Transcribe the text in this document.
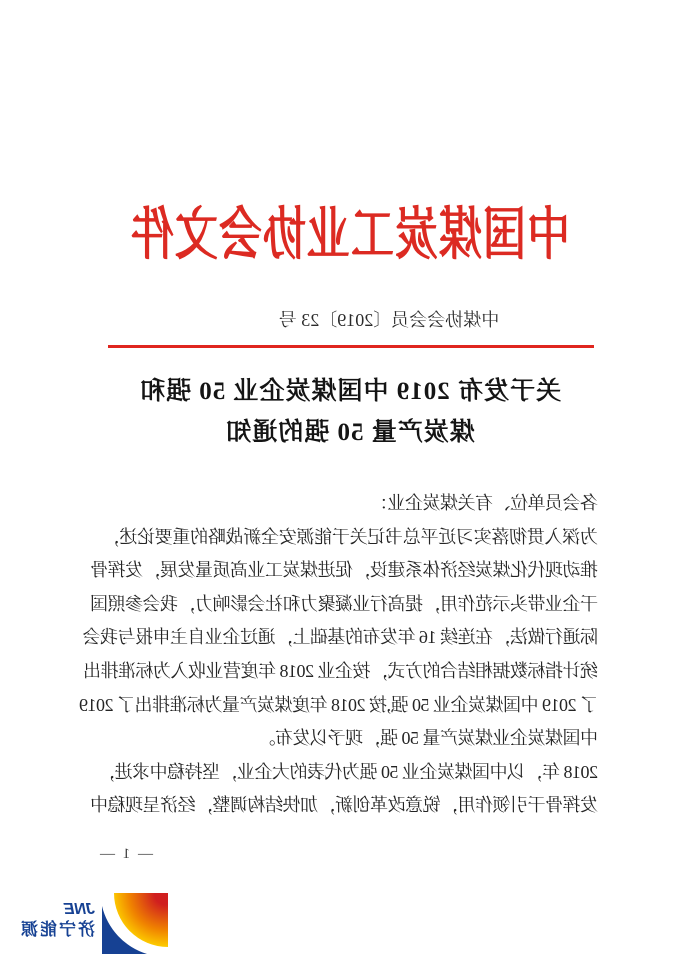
中国煤炭工业协会文件
中煤协会会员〔2019〕23 号
关于发布 2019 中国煤炭企业 50 强和
煤炭产量 50 强的通知

各会员单位、有关煤炭企业：

为深入贯彻落实习近平总书记关于能源安全新战略的重要论述，

推动现代化煤炭经济体系建设，促进煤炭工业高质量发展，发挥骨

干企业带头示范作用，提高行业凝聚力和社会影响力，我会参照国

际通行做法，在连续 16 年发布的基础上，通过企业自主申报与我会

统计指标数据相结合的方式，按企业 2018 年度营业收入为标准排出

了 2019 中国煤炭企业 50 强,按 2018 年度煤炭产量为标准排出了 2019

中国煤炭企业煤炭产量 50 强，现予以发布。

2018 年，以中国煤炭企业 50 强为代表的大企业，坚持稳中求进，

发挥骨干引领作用，锐意改革创新，加快结构调整，经济呈现稳中

— 1 —
JNE
济宁能源
